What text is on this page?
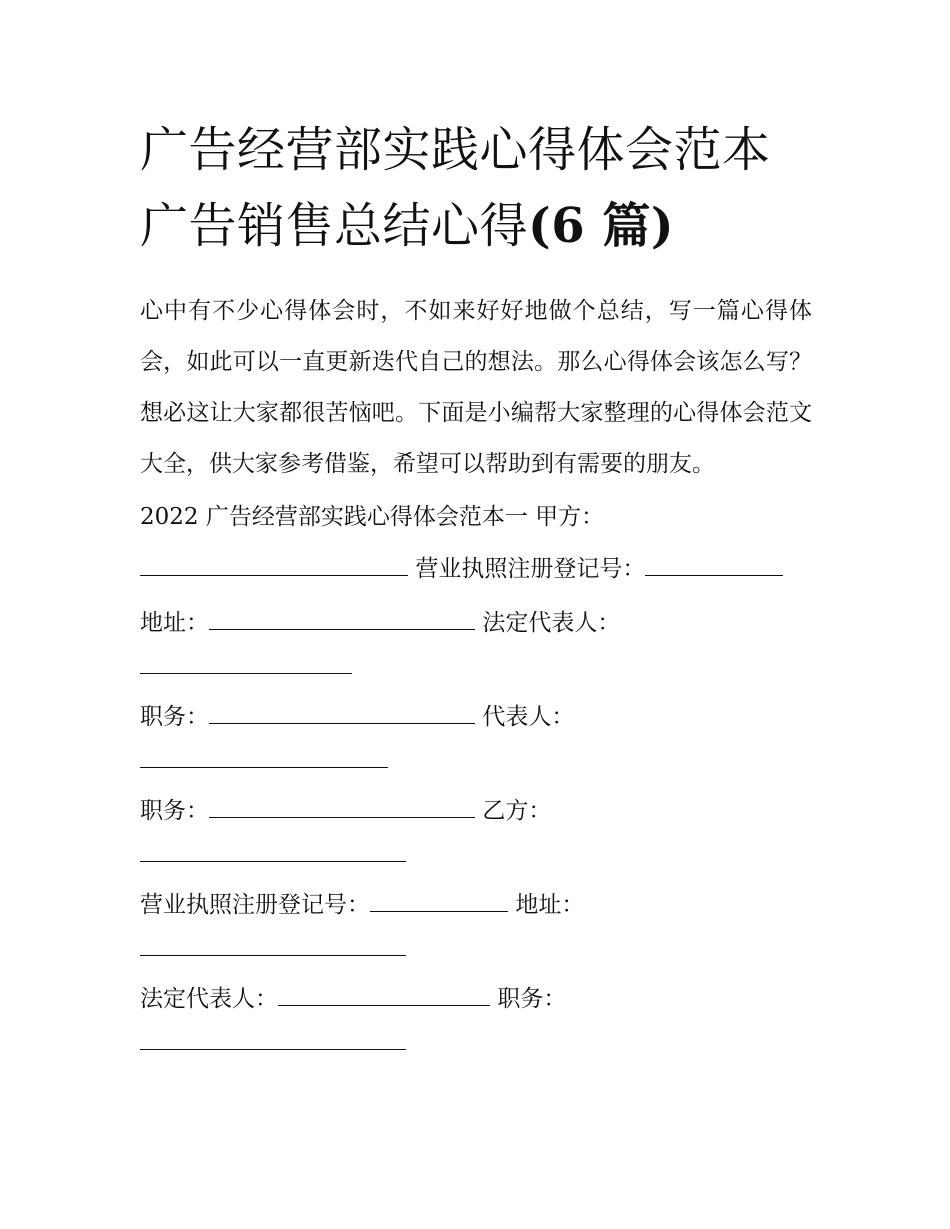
广告经营部实践心得体会范本
广告销售总结心得(6 篇)

心中有不少心得体会时，不如来好好地做个总结，写一篇心得体会，如此可以一直更新迭代自己的想法。那么心得体会该怎么写？想必这让大家都很苦恼吧。下面是小编帮大家整理的心得体会范文大全，供大家参考借鉴，希望可以帮助到有需要的朋友。

2022 广告经营部实践心得体会范本一 甲方：
营业执照注册登记号：
地址：	法定代表人：
职务：	代表人：
职务：	乙方：
营业执照注册登记号：	地址：
法定代表人：	职务：
